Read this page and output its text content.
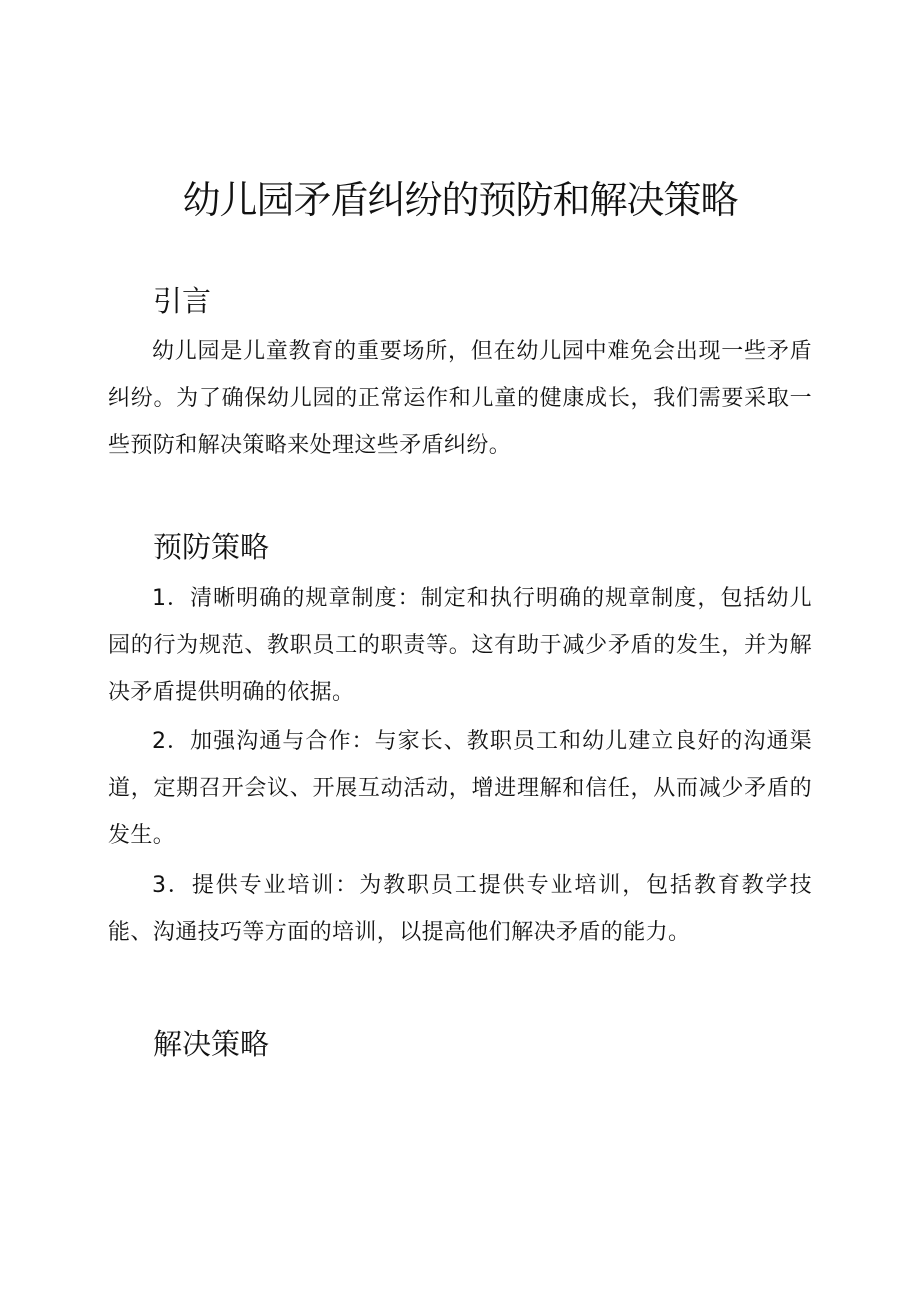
幼儿园矛盾纠纷的预防和解决策略
引言

幼儿园是儿童教育的重要场所，但在幼儿园中难免会出现一些矛盾纠纷。为了确保幼儿园的正常运作和儿童的健康成长，我们需要采取一些预防和解决策略来处理这些矛盾纠纷。

预防策略

1．清晰明确的规章制度：制定和执行明确的规章制度，包括幼儿园的行为规范、教职员工的职责等。这有助于减少矛盾的发生，并为解决矛盾提供明确的依据。

2．加强沟通与合作：与家长、教职员工和幼儿建立良好的沟通渠道，定期召开会议、开展互动活动，增进理解和信任，从而减少矛盾的发生。

3．提供专业培训：为教职员工提供专业培训，包括教育教学技能、沟通技巧等方面的培训，以提高他们解决矛盾的能力。

解决策略
